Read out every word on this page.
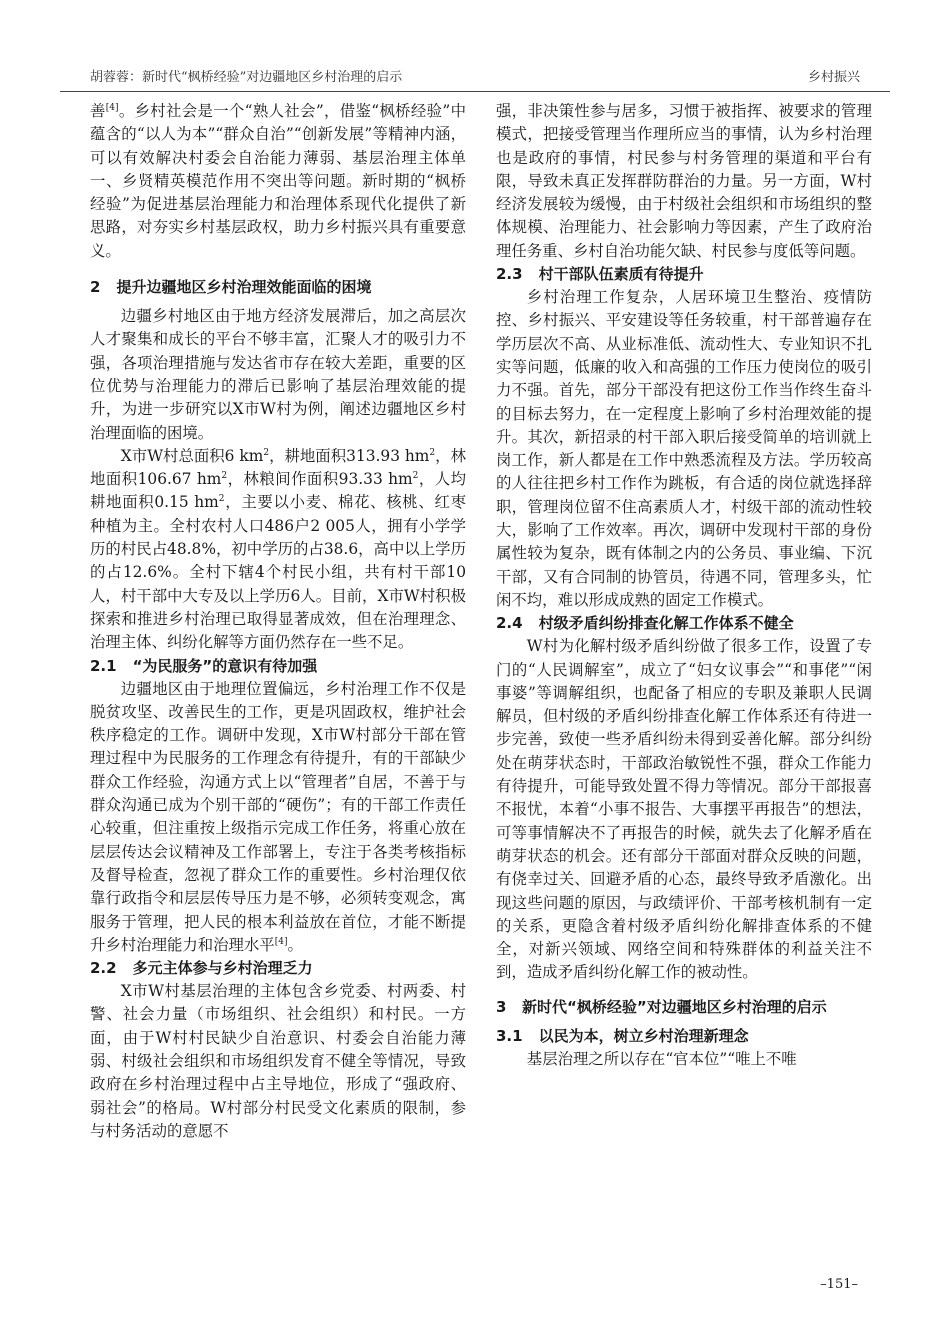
胡蓉蓉：新时代“枫桥经验”对边疆地区乡村治理的启示	乡村振兴

善[4]。乡村社会是一个“熟人社会”，借鉴“枫桥经验”中蕴含的“以人为本”“群众自治”“创新发展”等精神内涵，可以有效解决村委会自治能力薄弱、基层治理主体单一、乡贤精英模范作用不突出等问题。新时期的“枫桥经验”为促进基层治理能力和治理体系现代化提供了新思路，对夯实乡村基层政权，助力乡村振兴具有重要意义。

2 提升边疆地区乡村治理效能面临的困境

边疆乡村地区由于地方经济发展滞后，加之高层次人才聚集和成长的平台不够丰富，汇聚人才的吸引力不强，各项治理措施与发达省市存在较大差距，重要的区位优势与治理能力的滞后已影响了基层治理效能的提升，为进一步研究以X市W村为例，阐述边疆地区乡村治理面临的困境。

X市W村总面积6 $km^2$，耕地面积313.93 $hm^2$，林地面积106.67 $hm^2$，林粮间作面积93.33 $hm^2$，人均耕地面积0.15 $hm^2$，主要以小麦、棉花、核桃、红枣种植为主。全村农村人口486户2 005人，拥有小学学历的村民占48.8%，初中学历的占38.6，高中以上学历的占12.6%。全村下辖4个村民小组，共有村干部10人，村干部中大专及以上学历6人。目前，X市W村积极探索和推进乡村治理已取得显著成效，但在治理理念、治理主体、纠纷化解等方面仍然存在一些不足。

2.1 “为民服务”的意识有待加强

边疆地区由于地理位置偏远，乡村治理工作不仅是脱贫攻坚、改善民生的工作，更是巩固政权，维护社会秩序稳定的工作。调研中发现，X市W村部分干部在管理过程中为民服务的工作理念有待提升，有的干部缺少群众工作经验，沟通方式上以“管理者”自居，不善于与群众沟通已成为个别干部的“硬伤”；有的干部工作责任心较重，但注重按上级指示完成工作任务，将重心放在层层传达会议精神及工作部署上，专注于各类考核指标及督导检查，忽视了群众工作的重要性。乡村治理仅依靠行政指令和层层传导压力是不够，必须转变观念，寓服务于管理，把人民的根本利益放在首位，才能不断提升乡村治理能力和治理水平[4]。

2.2 多元主体参与乡村治理乏力

X市W村基层治理的主体包含乡党委、村两委、村警、社会力量（市场组织、社会组织）和村民。一方面，由于W村村民缺少自治意识、村委会自治能力薄弱、村级社会组织和市场组织发育不健全等情况，导致政府在乡村治理过程中占主导地位，形成了“强政府、弱社会”的格局。W村部分村民受文化素质的限制，参与村务活动的意愿不

强，非决策性参与居多，习惯于被指挥、被要求的管理模式，把接受管理当作理所应当的事情，认为乡村治理也是政府的事情，村民参与村务管理的渠道和平台有限，导致未真正发挥群防群治的力量。另一方面，W村经济发展较为缓慢，由于村级社会组织和市场组织的整体规模、治理能力、社会影响力等因素，产生了政府治理任务重、乡村自治功能欠缺、村民参与度低等问题。

2.3 村干部队伍素质有待提升

乡村治理工作复杂，人居环境卫生整治、疫情防控、乡村振兴、平安建设等任务较重，村干部普遍存在学历层次不高、从业标准低、流动性大、专业知识不扎实等问题，低廉的收入和高强的工作压力使岗位的吸引力不强。首先，部分干部没有把这份工作当作终生奋斗的目标去努力，在一定程度上影响了乡村治理效能的提升。其次，新招录的村干部入职后接受简单的培训就上岗工作，新人都是在工作中熟悉流程及方法。学历较高的人往往把乡村工作作为跳板，有合适的岗位就选择辞职，管理岗位留不住高素质人才，村级干部的流动性较大，影响了工作效率。再次，调研中发现村干部的身份属性较为复杂，既有体制之内的公务员、事业编、下沉干部，又有合同制的协管员，待遇不同，管理多头，忙闲不均，难以形成成熟的固定工作模式。

2.4 村级矛盾纠纷排查化解工作体系不健全

W村为化解村级矛盾纠纷做了很多工作，设置了专门的“人民调解室”，成立了“妇女议事会”“和事佬”“闲事婆”等调解组织，也配备了相应的专职及兼职人民调解员，但村级的矛盾纠纷排查化解工作体系还有待进一步完善，致使一些矛盾纠纷未得到妥善化解。部分纠纷处在萌芽状态时，干部政治敏锐性不强，群众工作能力有待提升，可能导致处置不得力等情况。部分干部报喜不报忧，本着“小事不报告、大事摆平再报告”的想法，可等事情解决不了再报告的时候，就失去了化解矛盾在萌芽状态的机会。还有部分干部面对群众反映的问题，有侥幸过关、回避矛盾的心态，最终导致矛盾激化。出现这些问题的原因，与政绩评价、干部考核机制有一定的关系，更隐含着村级矛盾纠纷化解排查体系的不健全，对新兴领域、网络空间和特殊群体的利益关注不到，造成矛盾纠纷化解工作的被动性。

3	新时代“枫桥经验”对边疆地区乡村治理的启示
3.1 以民为本，树立乡村治理新理念

基层治理之所以存在“官本位”“唯上不唯

–151–
